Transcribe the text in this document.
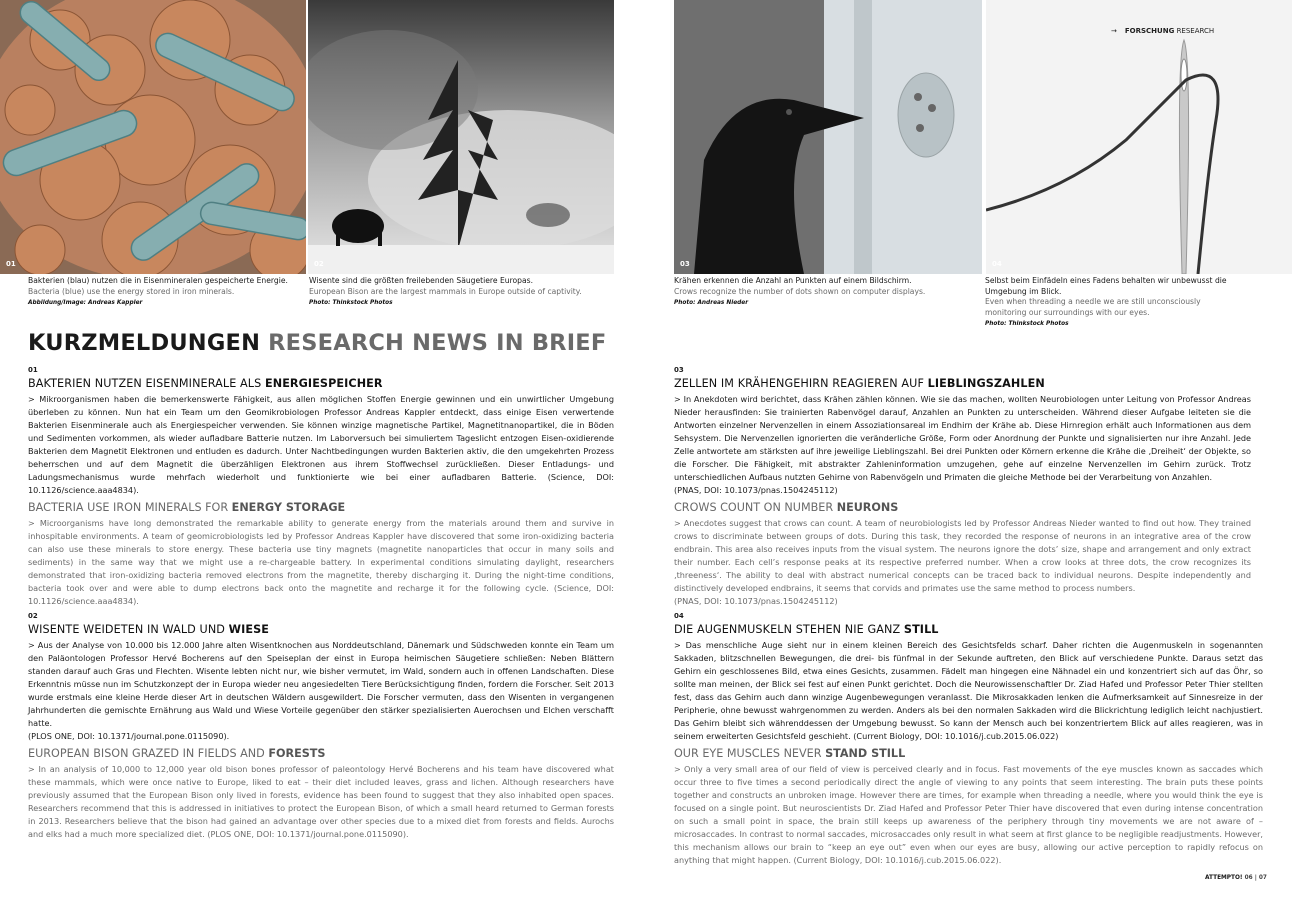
01	02	03	04
→ FORSCHUNG RESEARCH
Bakterien (blau) nutzen die in Eisenmineralen gespeicherte Energie.
Bacteria (blue) use the energy stored in iron minerals.
Abbildung/Image: Andreas Kappler
Wisente sind die größten freilebenden Säugetiere Europas.
European Bison are the largest mammals in Europe outside of captivity.
Photo: Thinkstock Photos
Krähen erkennen die Anzahl an Punkten auf einem Bildschirm.
Crows recognize the number of dots shown on computer displays.
Photo: Andreas Nieder
Selbst beim Einfädeln eines Fadens behalten wir unbewusst die Umgebung im Blick.
Even when threading a needle we are still unconsciously monitoring our surroundings with our eyes.
Photo: Thinkstock Photos
KURZMELDUNGEN RESEARCH NEWS IN BRIEF
01
BAKTERIEN NUTZEN EISENMINERALE ALS ENERGIESPEICHER

> Mikroorganismen haben die bemerkenswerte Fähigkeit, aus allen möglichen Stoffen Energie gewinnen und ein unwirtlicher Umgebung überleben zu können. Nun hat ein Team um den Geomikrobiologen Professor Andreas Kappler entdeckt, dass einige Eisen verwertende Bakterien Eisenminerale auch als Energiespeicher verwenden. Sie können winzige magnetische Partikel, Magnetitnanopartikel, die in Böden und Sedimenten vorkommen, als wieder aufladbare Batterie nutzen. Im Laborversuch bei simuliertem Tageslicht entzogen Eisen-oxidierende Bakterien dem Magnetit Elektronen und entluden es dadurch. Unter Nachtbedingungen wurden Bakterien aktiv, die den umgekehrten Prozess beherrschen und auf dem Magnetit die überzähligen Elektronen aus ihrem Stoffwechsel zurückließen. Dieser Entladungs- und Ladungsmechanismus wurde mehrfach wiederholt und funktionierte wie bei einer aufladbaren Batterie. (Science, DOI: 10.1126/science.aaa4834).

BACTERIA USE IRON MINERALS FOR ENERGY STORAGE

> Microorganisms have long demonstrated the remarkable ability to generate energy from the materials around them and survive in inhospitable environments. A team of geomicrobiologists led by Professor Andreas Kappler have discovered that some iron-oxidizing bacteria can also use these minerals to store energy. These bacteria use tiny magnets (magnetite nanoparticles that occur in many soils and sediments) in the same way that we might use a re-chargeable battery. In experimental conditions simulating daylight, researchers demonstrated that iron-oxidizing bacteria removed electrons from the magnetite, thereby discharging it. During the night-time conditions, bacteria took over and were able to dump electrons back onto the magnetite and recharge it for the following cycle. (Science, DOI: 10.1126/science.aaa4834).

02
WISENTE WEIDETEN IN WALD UND WIESE

> Aus der Analyse von 10.000 bis 12.000 Jahre alten Wisentknochen aus Norddeutschland, Dänemark und Südschweden konnte ein Team um den Paläontologen Professor Hervé Bocherens auf den Speiseplan der einst in Europa heimischen Säugetiere schließen: Neben Blättern standen darauf auch Gras und Flechten. Wisente lebten nicht nur, wie bisher vermutet, im Wald, sondern auch in offenen Landschaften. Diese Erkenntnis müsse nun im Schutzkonzept der in Europa wieder neu angesiedelten Tiere Berücksichtigung finden, fordern die Forscher. Seit 2013 wurde erstmals eine kleine Herde dieser Art in deutschen Wäldern ausgewildert. Die Forscher vermuten, dass den Wisenten in vergangenen Jahrhunderten die gemischte Ernährung aus Wald und Wiese Vorteile gegenüber den stärker spezialisierten Auerochsen und Elchen verschafft hatte.

(PLOS ONE, DOI: 10.1371/journal.pone.0115090).
EUROPEAN BISON GRAZED IN FIELDS AND FORESTS

> In an analysis of 10,000 to 12,000 year old bison bones professor of paleontology Hervé Bocherens and his team have discovered what these mammals, which were once native to Europe, liked to eat – their diet included leaves, grass and lichen. Although researchers have previously assumed that the European Bison only lived in forests, evidence has been found to suggest that they also inhabited open spaces. Researchers recommend that this is addressed in initiatives to protect the European Bison, of which a small heard returned to German forests in 2013. Researchers believe that the bison had gained an advantage over other species due to a mixed diet from forests and fields. Aurochs and elks had a much more specialized diet. (PLOS ONE, DOI: 10.1371/journal.pone.0115090).

03
ZELLEN IM KRÄHENGEHIRN REAGIEREN AUF LIEBLINGSZAHLEN

> In Anekdoten wird berichtet, dass Krähen zählen können. Wie sie das machen, wollten Neurobiologen unter Leitung von Professor Andreas Nieder herausfinden: Sie trainierten Rabenvögel darauf, Anzahlen an Punkten zu unterscheiden. Während dieser Aufgabe leiteten sie die Antworten einzelner Nervenzellen in einem Assoziationsareal im Endhirn der Krähe ab. Diese Hirnregion erhält auch Informationen aus dem Sehsystem. Die Nervenzellen ignorierten die veränderliche Größe, Form oder Anordnung der Punkte und signalisierten nur ihre Anzahl. Jede Zelle antwortete am stärksten auf ihre jeweilige Lieblingszahl. Bei drei Punkten oder Körnern erkenne die Krähe die ‚Dreiheit‘ der Objekte, so die Forscher. Die Fähigkeit, mit abstrakter Zahleninformation umzugehen, gehe auf einzelne Nervenzellen im Gehirn zurück. Trotz unterschiedlichen Aufbaus nutzten Gehirne von Rabenvögeln und Primaten die gleiche Methode bei der Verarbeitung von Anzahlen.

(PNAS, DOI: 10.1073/pnas.1504245112)
CROWS COUNT ON NUMBER NEURONS

> Anecdotes suggest that crows can count. A team of neurobiologists led by Professor Andreas Nieder wanted to find out how. They trained crows to discriminate between groups of dots. During this task, they recorded the response of neurons in an integrative area of the crow endbrain. This area also receives inputs from the visual system. The neurons ignore the dots’ size, shape and arrangement and only extract their number. Each cell’s response peaks at its respective preferred number. When a crow looks at three dots, the crow recognizes its ‚threeness‘. The ability to deal with abstract numerical concepts can be traced back to individual neurons. Despite independently and distinctively developed endbrains, it seems that corvids and primates use the same method to process numbers.

(PNAS, DOI: 10.1073/pnas.1504245112)
04
DIE AUGENMUSKELN STEHEN NIE GANZ STILL

> Das menschliche Auge sieht nur in einem kleinen Bereich des Gesichtsfelds scharf. Daher richten die Augenmuskeln in sogenannten Sakkaden, blitzschnellen Bewegungen, die drei- bis fünfmal in der Sekunde auftreten, den Blick auf verschiedene Punkte. Daraus setzt das Gehirn ein geschlossenes Bild, etwa eines Gesichts, zusammen. Fädelt man hingegen eine Nähnadel ein und konzentriert sich auf das Öhr, so sollte man meinen, der Blick sei fest auf einen Punkt gerichtet. Doch die Neurowissenschaftler Dr. Ziad Hafed und Professor Peter Thier stellten fest, dass das Gehirn auch dann winzige Augenbewegungen veranlasst. Die Mikrosakkaden lenken die Aufmerksamkeit auf Sinnesreize in der Peripherie, ohne bewusst wahrgenommen zu werden. Anders als bei den normalen Sakkaden wird die Blickrichtung lediglich leicht nachjustiert. Das Gehirn bleibt sich währenddessen der Umgebung bewusst. So kann der Mensch auch bei konzentriertem Blick auf alles reagieren, was in seinem erweiterten Gesichtsfeld geschieht. (Current Biology, DOI: 10.1016/j.cub.2015.06.022)

OUR EYE MUSCLES NEVER STAND STILL

> Only a very small area of our field of view is perceived clearly and in focus. Fast movements of the eye muscles known as saccades which occur three to five times a second periodically direct the angle of viewing to any points that seem interesting. The brain puts these points together and constructs an unbroken image. However there are times, for example when threading a needle, where you would think the eye is focused on a single point. But neuroscientists Dr. Ziad Hafed and Professor Peter Thier have discovered that even during intense concentration on such a small point in space, the brain still keeps up awareness of the periphery through tiny movements we are not aware of – microsaccades. In contrast to normal saccades, microsaccades only result in what seem at first glance to be negligible readjustments. However, this mechanism allows our brain to “keep an eye out” even when our eyes are busy, allowing our active perception to rapidly refocus on anything that might happen. (Current Biology, DOI: 10.1016/j.cub.2015.06.022).

ATTEMPTO! 06 | 07
